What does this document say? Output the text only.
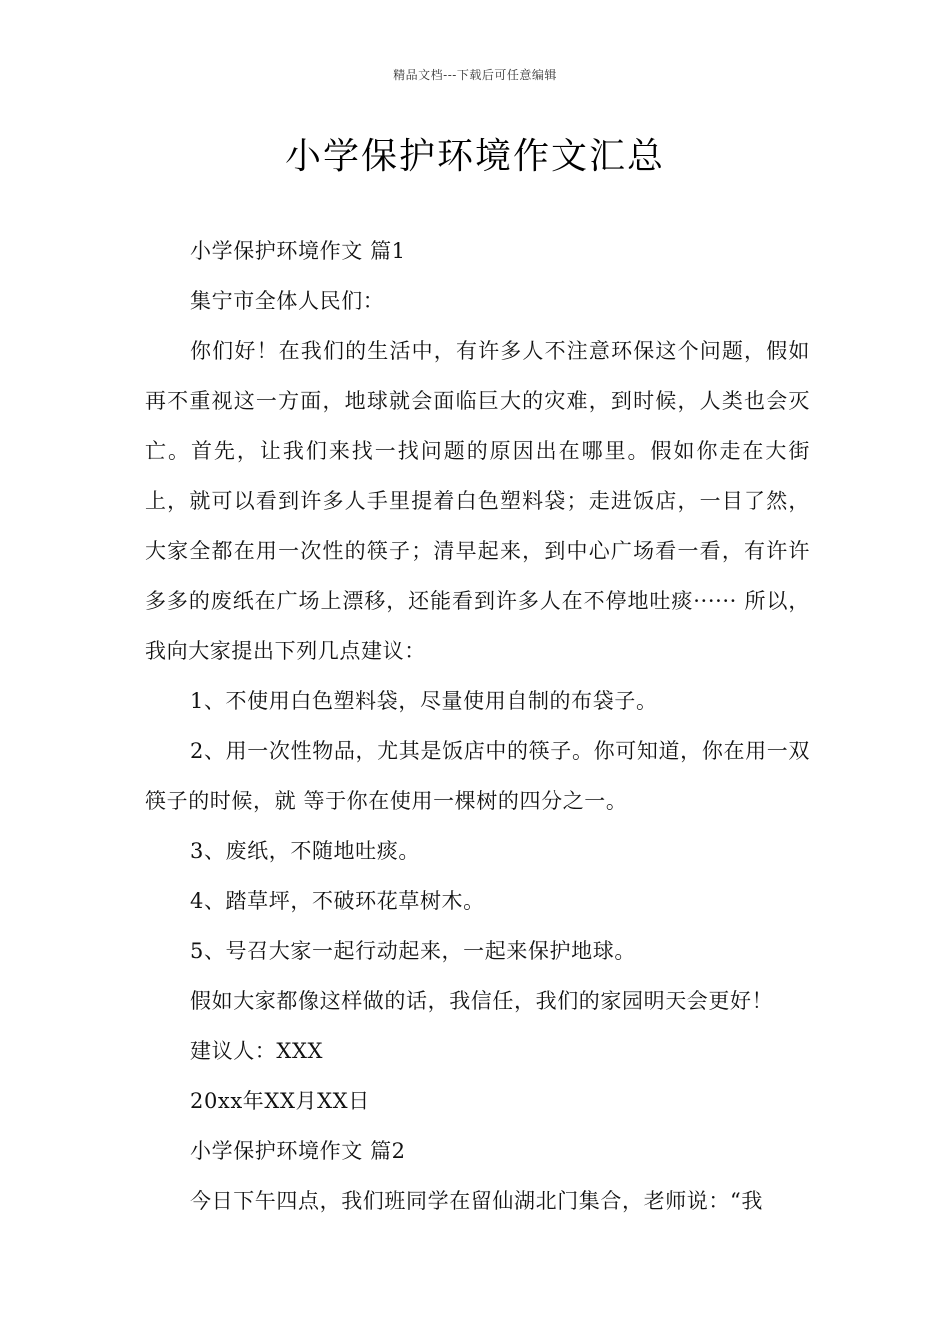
精品文档---下载后可任意编辑
小学保护环境作文汇总

小学保护环境作文 篇1

集宁市全体人民们：

你们好！在我们的生活中，有许多人不注意环保这个问题，假如再不重视这一方面，地球就会面临巨大的灾难，到时候，人类也会灭亡。首先，让我们来找一找问题的原因出在哪里。假如你走在大街上，就可以看到许多人手里提着白色塑料袋；走进饭店，一目了然，大家全都在用一次性的筷子；清早起来，到中心广场看一看，有许许多多的废纸在广场上漂移，还能看到许多人在不停地吐痰······ 所以，我向大家提出下列几点建议：

1、不使用白色塑料袋，尽量使用自制的布袋子。

2、用一次性物品，尤其是饭店中的筷子。你可知道，你在用一双筷子的时候，就 等于你在使用一棵树的四分之一。

3、废纸，不随地吐痰。

4、踏草坪，不破环花草树木。

5、号召大家一起行动起来，一起来保护地球。

假如大家都像这样做的话，我信任，我们的家园明天会更好！

建议人：XXX

20xx年XX月XX日

小学保护环境作文 篇2

今日下午四点，我们班同学在留仙湖北门集合，老师说：“我
